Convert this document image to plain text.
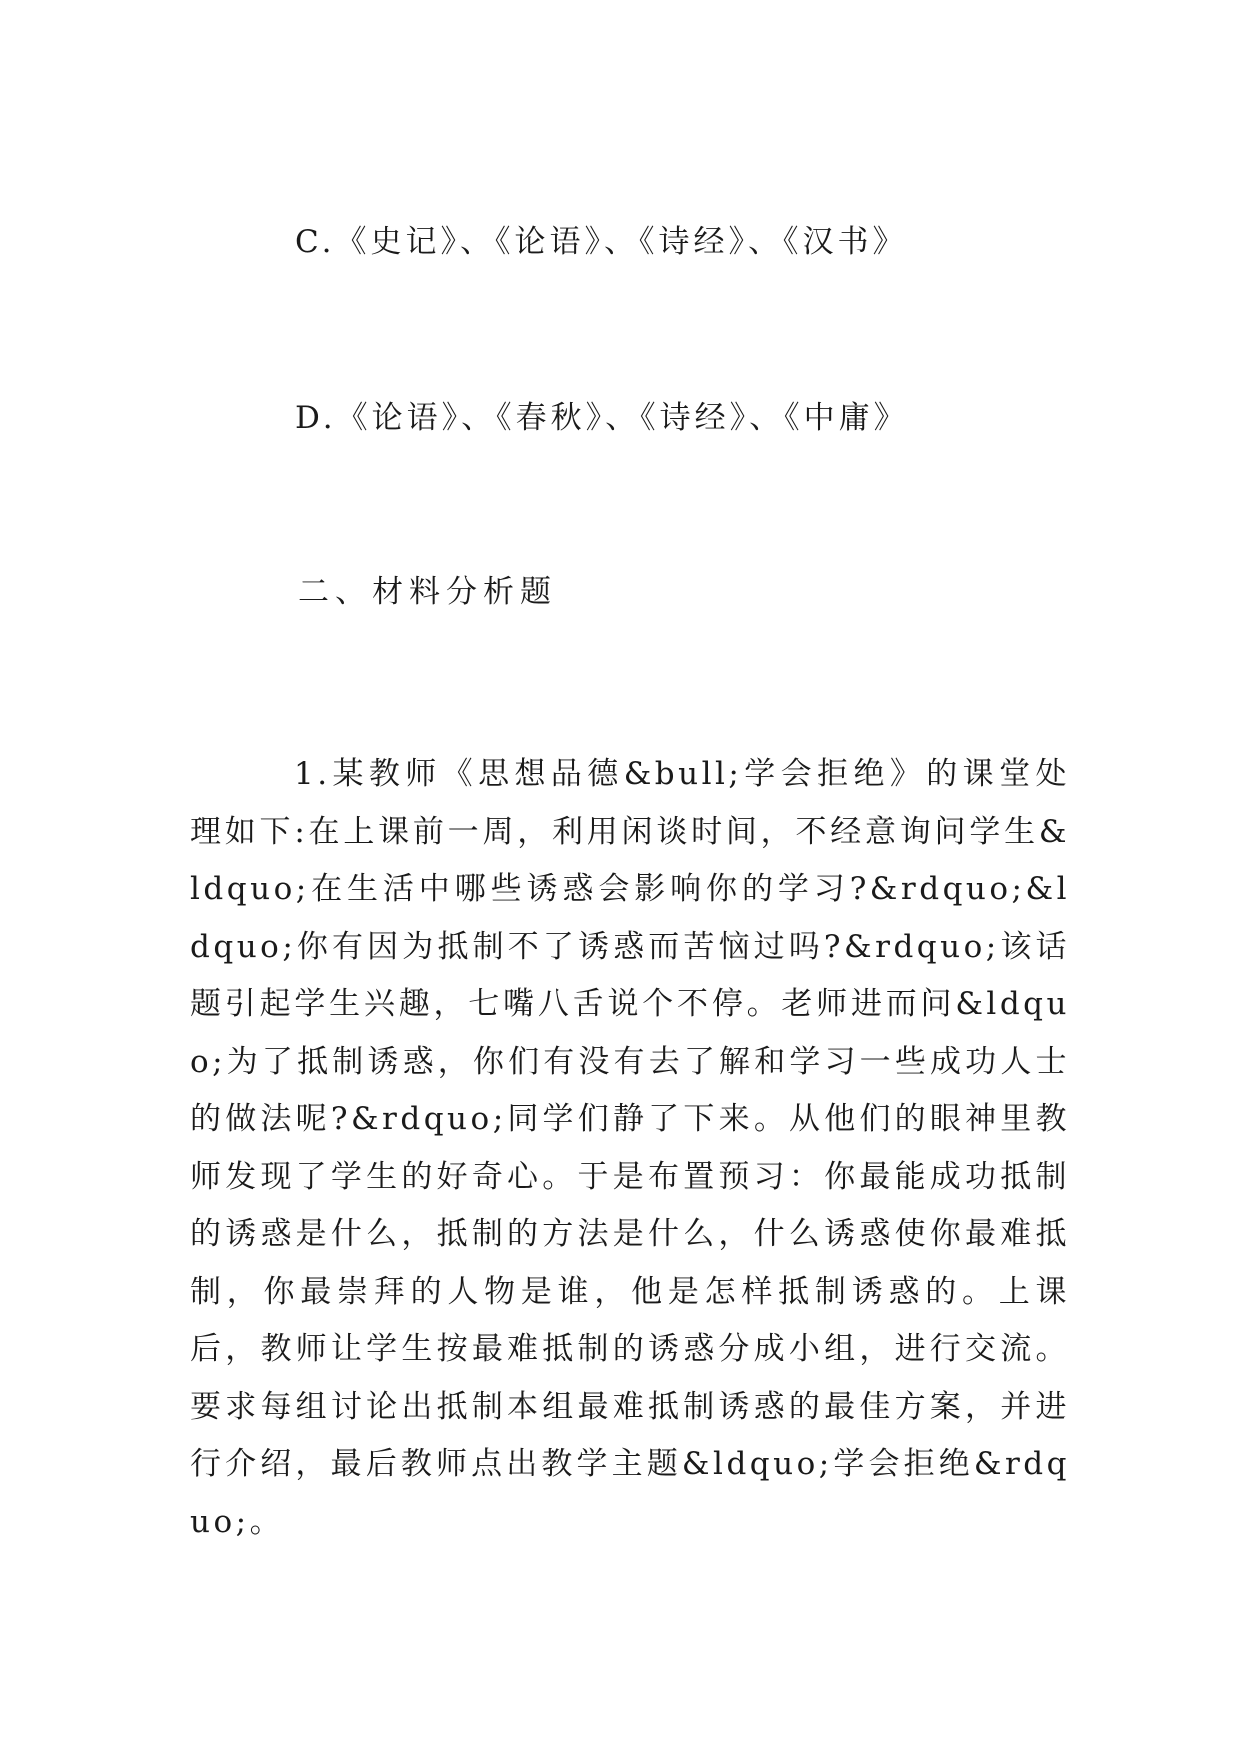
C.《史记》、《论语》、《诗经》、《汉书》
D.《论语》、《春秋》、《诗经》、《中庸》
二、材料分析题

1.某教师《思想品德&bull;学会拒绝》的课堂处理如下:在上课前一周，利用闲谈时间，不经意询问学生&ldquo;在生活中哪些诱惑会影响你的学习?&rdquo;&ldquo;你有因为抵制不了诱惑而苦恼过吗?&rdquo;该话题引起学生兴趣，七嘴八舌说个不停。老师进而问&ldquo;为了抵制诱惑，你们有没有去了解和学习一些成功人士的做法呢?&rdquo;同学们静了下来。从他们的眼神里教师发现了学生的好奇心。于是布置预习：你最能成功抵制的诱惑是什么，抵制的方法是什么，什么诱惑使你最难抵制，你最崇拜的人物是谁，他是怎样抵制诱惑的。上课后，教师让学生按最难抵制的诱惑分成小组，进行交流。要求每组讨论出抵制本组最难抵制诱惑的最佳方案，并进行介绍，最后教师点出教学主题&ldquo;学会拒绝&rdquo;。
